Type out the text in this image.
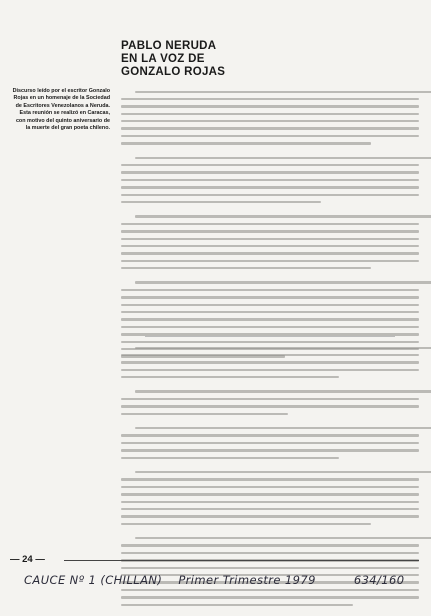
PABLO NERUDA
EN LA VOZ DE
GONZALO ROJAS

Discurso leído por el escritor Gonzalo Rojas en un homenaje de la Sociedad de Escritores Venezolanos a Neruda. Esta reunión se realizó en Caracas, con motivo del quinto aniversario de la muerte del gran poeta chileno.

— 24 —

CAUCE Nº 1 (CHILLAN) Primer Trimestre 1979	634/160
